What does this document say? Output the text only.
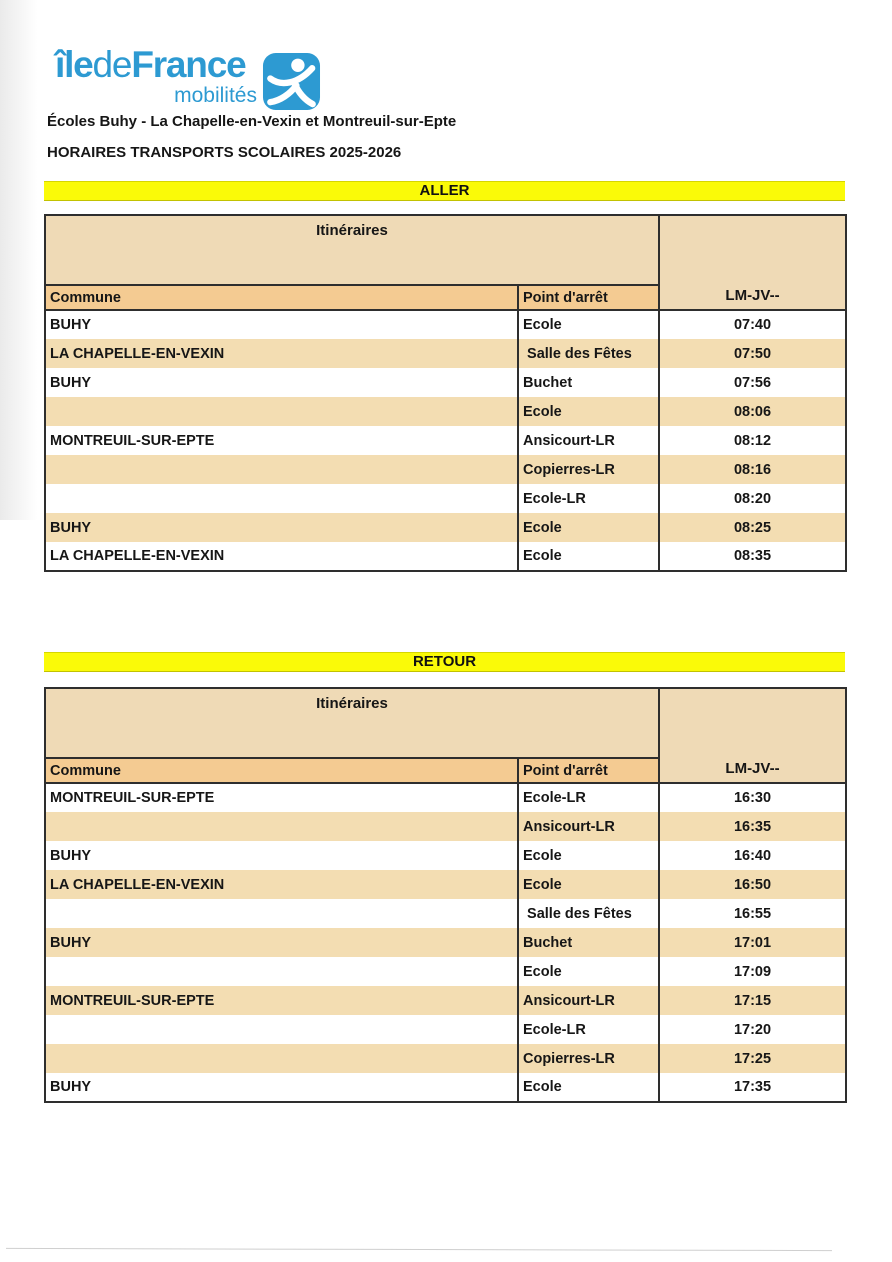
îledeFrance
mobilités
Écoles Buhy - La Chapelle-en-Vexin et Montreuil-sur-Epte
HORAIRES TRANSPORTS SCOLAIRES 2025-2026
ALLER
Itinéraires		LM-JV--
Commune	Point d'arrêt	
BUHY	Ecole	07:40
LA CHAPELLE-EN-VEXIN	Salle des Fêtes	07:50
BUHY	Buchet	07:56
	Ecole	08:06
MONTREUIL-SUR-EPTE	Ansicourt-LR	08:12
	Copierres-LR	08:16
	Ecole-LR	08:20
BUHY	Ecole	08:25
LA CHAPELLE-EN-VEXIN	Ecole	08:35
RETOUR
Itinéraires		LM-JV--
Commune	Point d'arrêt	
MONTREUIL-SUR-EPTE	Ecole-LR	16:30
	Ansicourt-LR	16:35
BUHY	Ecole	16:40
LA CHAPELLE-EN-VEXIN	Ecole	16:50
	Salle des Fêtes	16:55
BUHY	Buchet	17:01
	Ecole	17:09
MONTREUIL-SUR-EPTE	Ansicourt-LR	17:15
	Ecole-LR	17:20
	Copierres-LR	17:25
BUHY	Ecole	17:35
